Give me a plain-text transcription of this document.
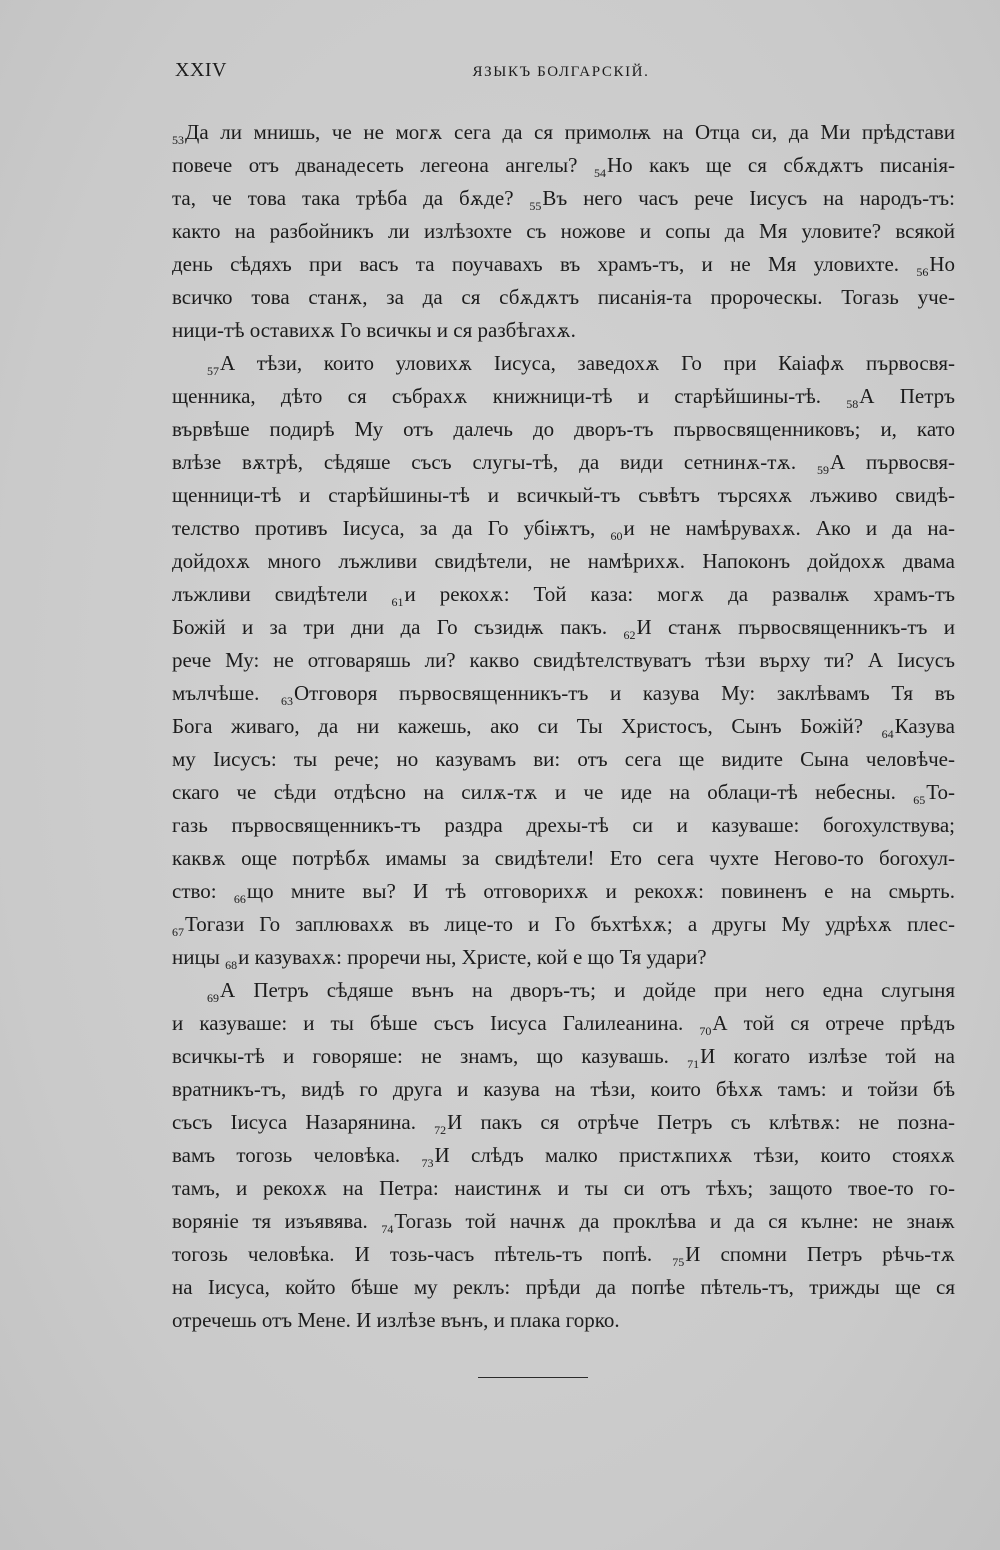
XXIV	ЯЗЫКЪ БОЛГАРСКІЙ.
$_{53}$Да ли мнишь, че не могѫ сега да ся примолѭ на Отца си, да Ми прѣдстави
повече отъ дванадесеть легеона ангелы? $_{54}$Но какъ ще ся сбѫдѫтъ писанія-
та, че това така трѣба да бѫде? $_{55}$Въ него часъ рече Іисусъ на народъ-тъ:
както на разбойникъ ли излѣзохте съ ножове и сопы да Мя уловите? всякой
день сѣдяхъ при васъ та поучавахъ въ храмъ-тъ, и не Мя уловихте. $_{56}$Но
всичко това станѫ, за да ся сбѫдѫтъ писанія-та пророческы. Тогазь уче-
ници-тѣ оставихѫ Го всичкы и ся разбѣгахѫ.
$_{57}$А тѣзи, които уловихѫ Іисуса, заведохѫ Го при Каіафѫ първосвя-
щенника, дѣто ся събрахѫ книжници-тѣ и старѣйшины-тѣ. $_{58}$А Петръ
вървѣше подирѣ Му отъ далечь до дворъ-тъ първосвященниковъ; и, като
влѣзе вѫтрѣ, сѣдяше съсъ слугы-тѣ, да види сетнинѫ-тѫ. $_{59}$А първосвя-
щенници-тѣ и старѣйшины-тѣ и всичкый-тъ съвѣтъ търсяхѫ лъживо свидѣ-
телство противъ Іисуса, за да Го убіѭтъ, $_{60}$и не намѣрувахѫ. Ако и да на-
дойдохѫ много лъжливи свидѣтели, не намѣрихѫ. Напоконъ дойдохѫ двама
лъжливи свидѣтели $_{61}$и рекохѫ: Той каза: могѫ да развалѭ храмъ-тъ
Божій и за три дни да Го съзидѭ пакъ. $_{62}$И станѫ първосвященникъ-тъ и
рече Му: не отговаряшь ли? какво свидѣтелствуватъ тѣзи върху ти? А Іисусъ
мълчѣше. $_{63}$Отговоря първосвященникъ-тъ и казува Му: заклѣвамъ Тя въ
Бога живаго, да ни кажешь, ако си Ты Христосъ, Сынъ Божій? $_{64}$Казува
му Іисусъ: ты рече; но казувамъ ви: отъ сега ще видите Сына человѣче-
скаго че сѣди отдѣсно на силѫ-тѫ и че иде на облаци-тѣ небесны. $_{65}$То-
газь първосвященникъ-тъ раздра дрехы-тѣ си и казуваше: богохулствува;
каквѫ още потрѣбѫ имамы за свидѣтели! Ето сега чухте Негово-то богохул-
ство: $_{66}$що мните вы? И тѣ отговорихѫ и рекохѫ: повиненъ е на смьрть.
$_{67}$Тогази Го заплювахѫ въ лице-то и Го бъхтѣхѫ; а другы Му удрѣхѫ плес-
ницы $_{68}$и казувахѫ: проречи ны, Христе, кой е що Тя удари?
$_{69}$А Петръ сѣдяше вънъ на дворъ-тъ; и дойде при него една слугыня
и казуваше: и ты бѣше съсъ Іисуса Галилеанина. $_{70}$А той ся отрече прѣдъ
всичкы-тѣ и говоряше: не знамъ, що казувашь. $_{71}$И когато излѣзе той на
вратникъ-тъ, видѣ го друга и казува на тѣзи, които бѣхѫ тамъ: и тойзи бѣ
съсъ Іисуса Назарянина. $_{72}$И пакъ ся отрѣче Петръ съ клѣтвѫ: не позна-
вамъ тогозь человѣка. $_{73}$И слѣдъ малко пристѫпихѫ тѣзи, които стояхѫ
тамъ, и рекохѫ на Петра: наистинѫ и ты си отъ тѣхъ; защото твое-то го-
воряніе тя изъявява. $_{74}$Тогазь той начнѫ да проклѣва и да ся кълне: не знаѭ
тогозь человѣка. И тозь-часъ пѣтель-тъ попѣ. $_{75}$И спомни Петръ рѣчь-тѫ
на Іисуса, който бѣше му реклъ: прѣди да попѣе пѣтель-тъ, трижды ще ся
отречешь отъ Мене. И излѣзе вънъ, и плака горко.
